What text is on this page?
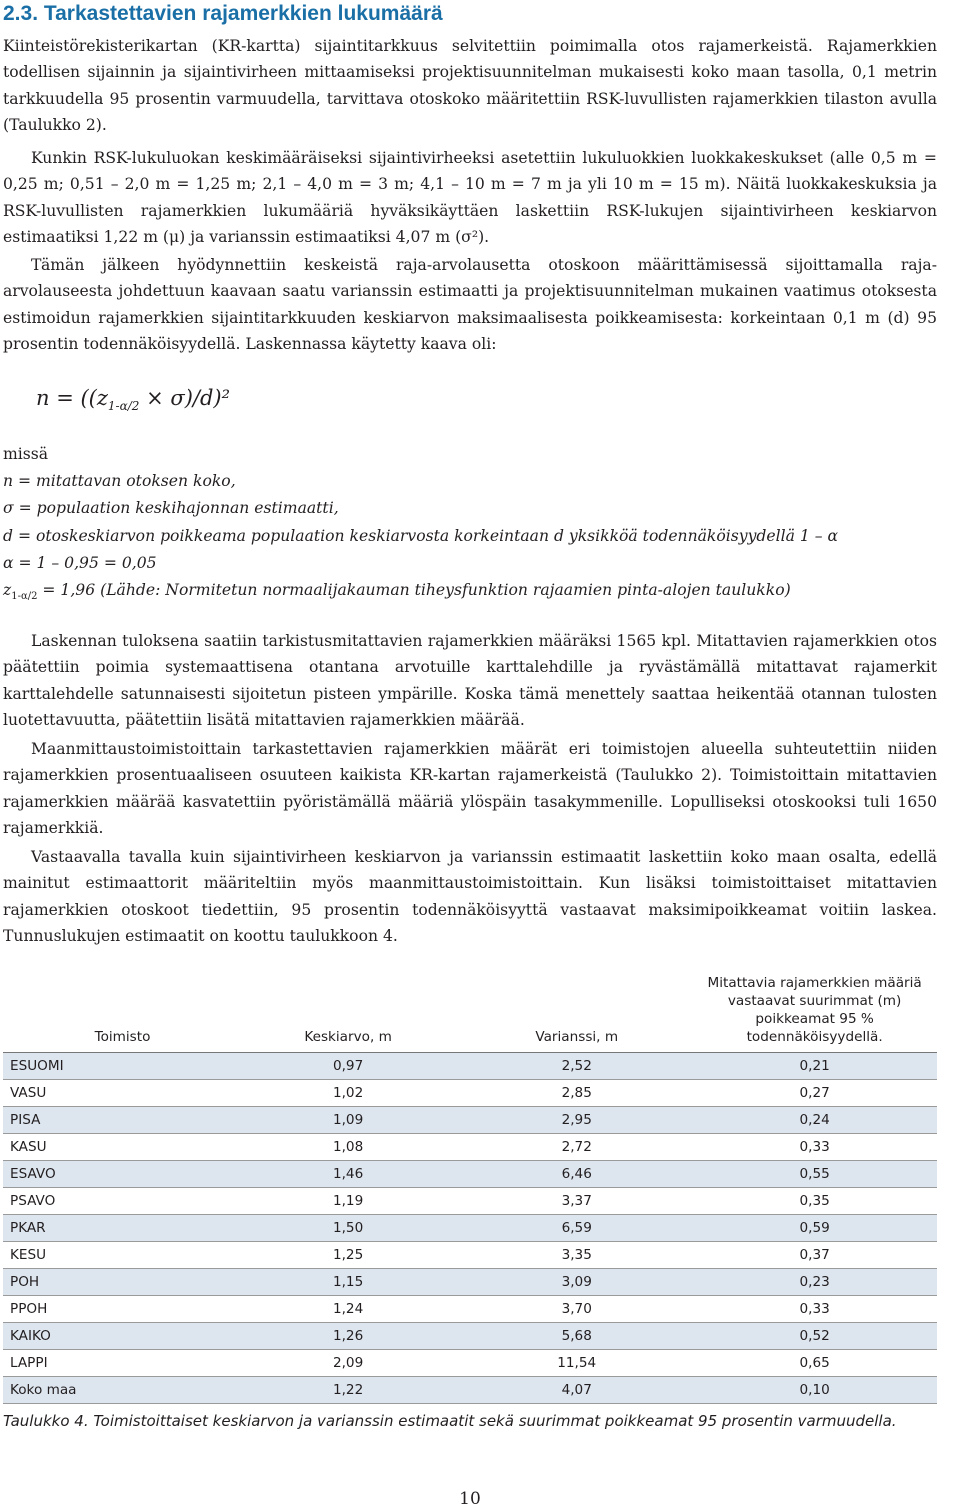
2.3. Tarkastettavien rajamerkkien lukumäärä

Kiinteistörekisterikartan (KR-kartta) sijaintitarkkuus selvitettiin poimimalla otos rajamerkeistä. Rajamerkkien todellisen sijainnin ja sijaintivirheen mittaamiseksi projektisuunnitelman mukaisesti koko maan tasolla, 0,1 metrin tarkkuudella 95 prosentin varmuudella, tarvittava otoskoko määritettiin RSK-luvullisten rajamerkkien tilaston avulla (Taulukko 2).

Kunkin RSK-lukuluokan keskimääräiseksi sijaintivirheeksi asetettiin lukuluokkien luokkakeskukset (alle 0,5 m = 0,25 m; 0,51 – 2,0 m = 1,25 m; 2,1 – 4,0 m = 3 m; 4,1 – 10 m = 7 m ja yli 10 m = 15 m). Näitä luokkakeskuksia ja RSK-luvullisten rajamerkkien lukumääriä hyväksikäyttäen laskettiin RSK-lukujen sijaintivirheen keskiarvon estimaatiksi 1,22 m (μ) ja varianssin estimaatiksi 4,07 m (σ²).

Tämän jälkeen hyödynnettiin keskeistä raja-arvolausetta otoskoon määrittämisessä sijoittamalla raja-arvolauseesta johdettuun kaavaan saatu varianssin estimaatti ja projektisuunnitelman mukainen vaatimus otoksesta estimoidun rajamerkkien sijaintitarkkuuden keskiarvon maksimaalisesta poikkeamisesta: korkeintaan 0,1 m (d) 95 prosentin todennäköisyydellä. Laskennassa käytetty kaava oli:

$n = ((z_{1-\alpha/2} \times \sigma)/d)^2$
missä
n = mitattavan otoksen koko,
σ = populaation keskihajonnan estimaatti,
d = otoskeskiarvon poikkeama populaation keskiarvosta korkeintaan d yksikköä todennäköisyydellä 1 – α
α = 1 – 0,95 = 0,05
$z_{1-\alpha/2} = 1,96$ (Lähde: Normitetun normaalijakauman tiheysfunktion rajaamien pinta-alojen taulukko)

Laskennan tuloksena saatiin tarkistusmitattavien rajamerkkien määräksi 1565 kpl. Mitattavien rajamerkkien otos päätettiin poimia systemaattisena otantana arvotuille karttalehdille ja ryvästämällä mitattavat rajamerkit karttalehdelle satunnaisesti sijoitetun pisteen ympärille. Koska tämä menettely saattaa heikentää otannan tulosten luotettavuutta, päätettiin lisätä mitattavien rajamerkkien määrää.

Maanmittaustoimistoittain tarkastettavien rajamerkkien määrät eri toimistojen alueella suhteutettiin niiden rajamerkkien prosentuaaliseen osuuteen kaikista KR-kartan rajamerkeistä (Taulukko 2). Toimistoittain mitattavien rajamerkkien määrää kasvatettiin pyöristämällä määriä ylöspäin tasakymmenille. Lopulliseksi otoskooksi tuli 1650 rajamerkkiä.

Vastaavalla tavalla kuin sijaintivirheen keskiarvon ja varianssin estimaatit laskettiin koko maan osalta, edellä mainitut estimaattorit määriteltiin myös maanmittaustoimistoittain. Kun lisäksi toimistoittaiset mitattavien rajamerkkien otoskoot tiedettiin, 95 prosentin todennäköisyyttä vastaavat maksimipoikkeamat voitiin laskea. Tunnuslukujen estimaatit on koottu taulukkoon 4.

Toimisto	Keskiarvo, m	Varianssi, m	Mitattavia rajamerkkien määriä vastaavat suurimmat (m) poikkeamat 95 % todennäköisyydellä.
ESUOMI	0,97	2,52	0,21
VASU	1,02	2,85	0,27
PISA	1,09	2,95	0,24
KASU	1,08	2,72	0,33
ESAVO	1,46	6,46	0,55
PSAVO	1,19	3,37	0,35
PKAR	1,50	6,59	0,59
KESU	1,25	3,35	0,37
POH	1,15	3,09	0,23
PPOH	1,24	3,70	0,33
KAIKO	1,26	5,68	0,52
LAPPI	2,09	11,54	0,65
Koko maa	1,22	4,07	0,10

Taulukko 4. Toimistoittaiset keskiarvon ja varianssin estimaatit sekä suurimmat poikkeamat 95 prosentin varmuudella.

10
